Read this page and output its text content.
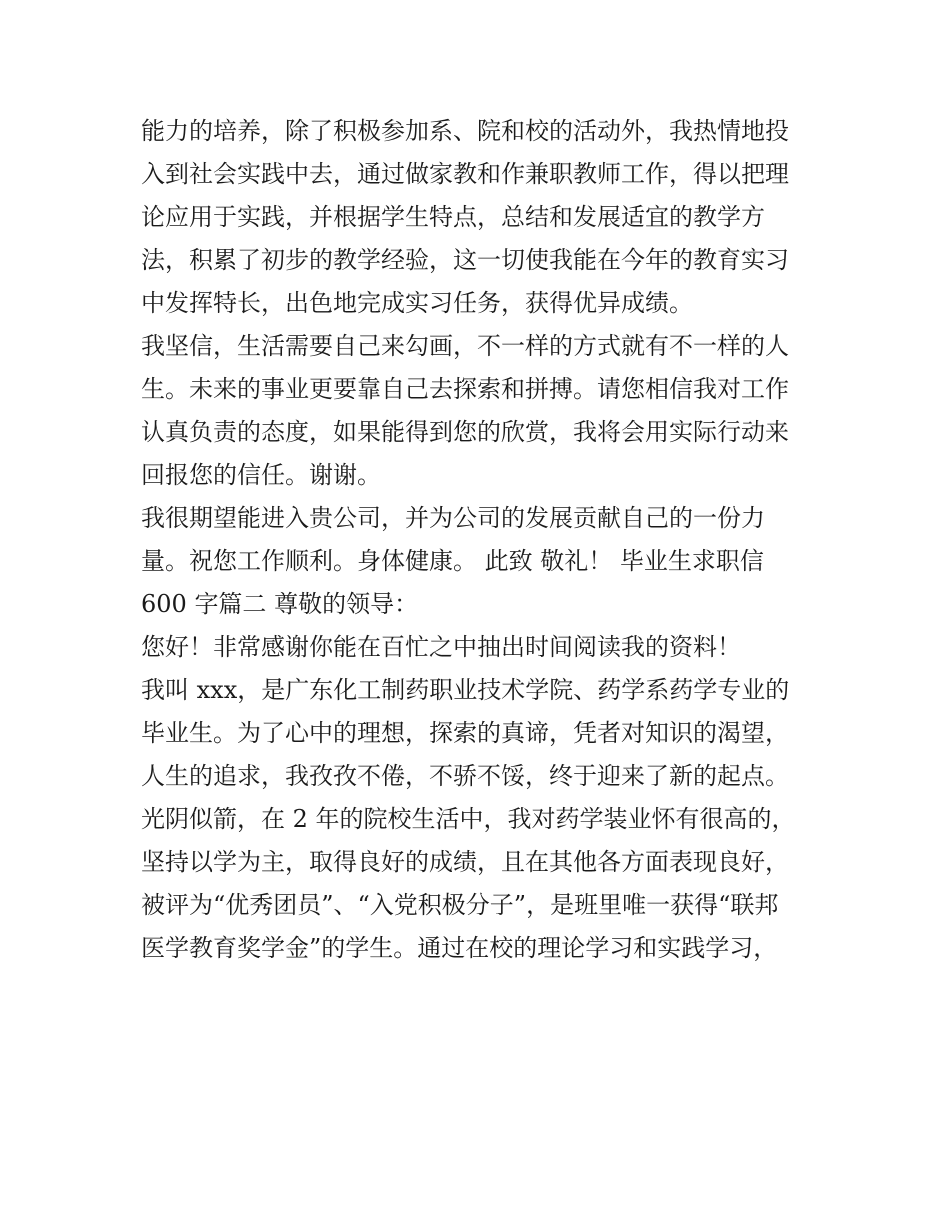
能力的培养，除了积极参加系、院和校的活动外，我热情地投
入到社会实践中去，通过做家教和作兼职教师工作，得以把理
论应用于实践，并根据学生特点，总结和发展适宜的教学方
法，积累了初步的教学经验，这一切使我能在今年的教育实习
中发挥特长，出色地完成实习任务，获得优异成绩。
我坚信，生活需要自己来勾画，不一样的方式就有不一样的人
生。未来的事业更要靠自己去探索和拼搏。请您相信我对工作
认真负责的态度，如果能得到您的欣赏，我将会用实际行动来
回报您的信任。谢谢。
我很期望能进入贵公司，并为公司的发展贡献自己的一份力
量。祝您工作顺利。身体健康。 此致 敬礼！ 毕业生求职信
600 字篇二 尊敬的领导：
您好！非常感谢你能在百忙之中抽出时间阅读我的资料！
我叫 xxx，是广东化工制药职业技术学院、药学系药学专业的
毕业生。为了心中的理想，探索的真谛，凭者对知识的渴望，
人生的追求，我孜孜不倦，不骄不馁，终于迎来了新的起点。
光阴似箭，在 2 年的院校生活中，我对药学装业怀有很高的，
坚持以学为主，取得良好的成绩，且在其他各方面表现良好，
被评为“优秀团员”、“入党积极分子”，是班里唯一获得“联邦
医学教育奖学金”的学生。通过在校的理论学习和实践学习，
